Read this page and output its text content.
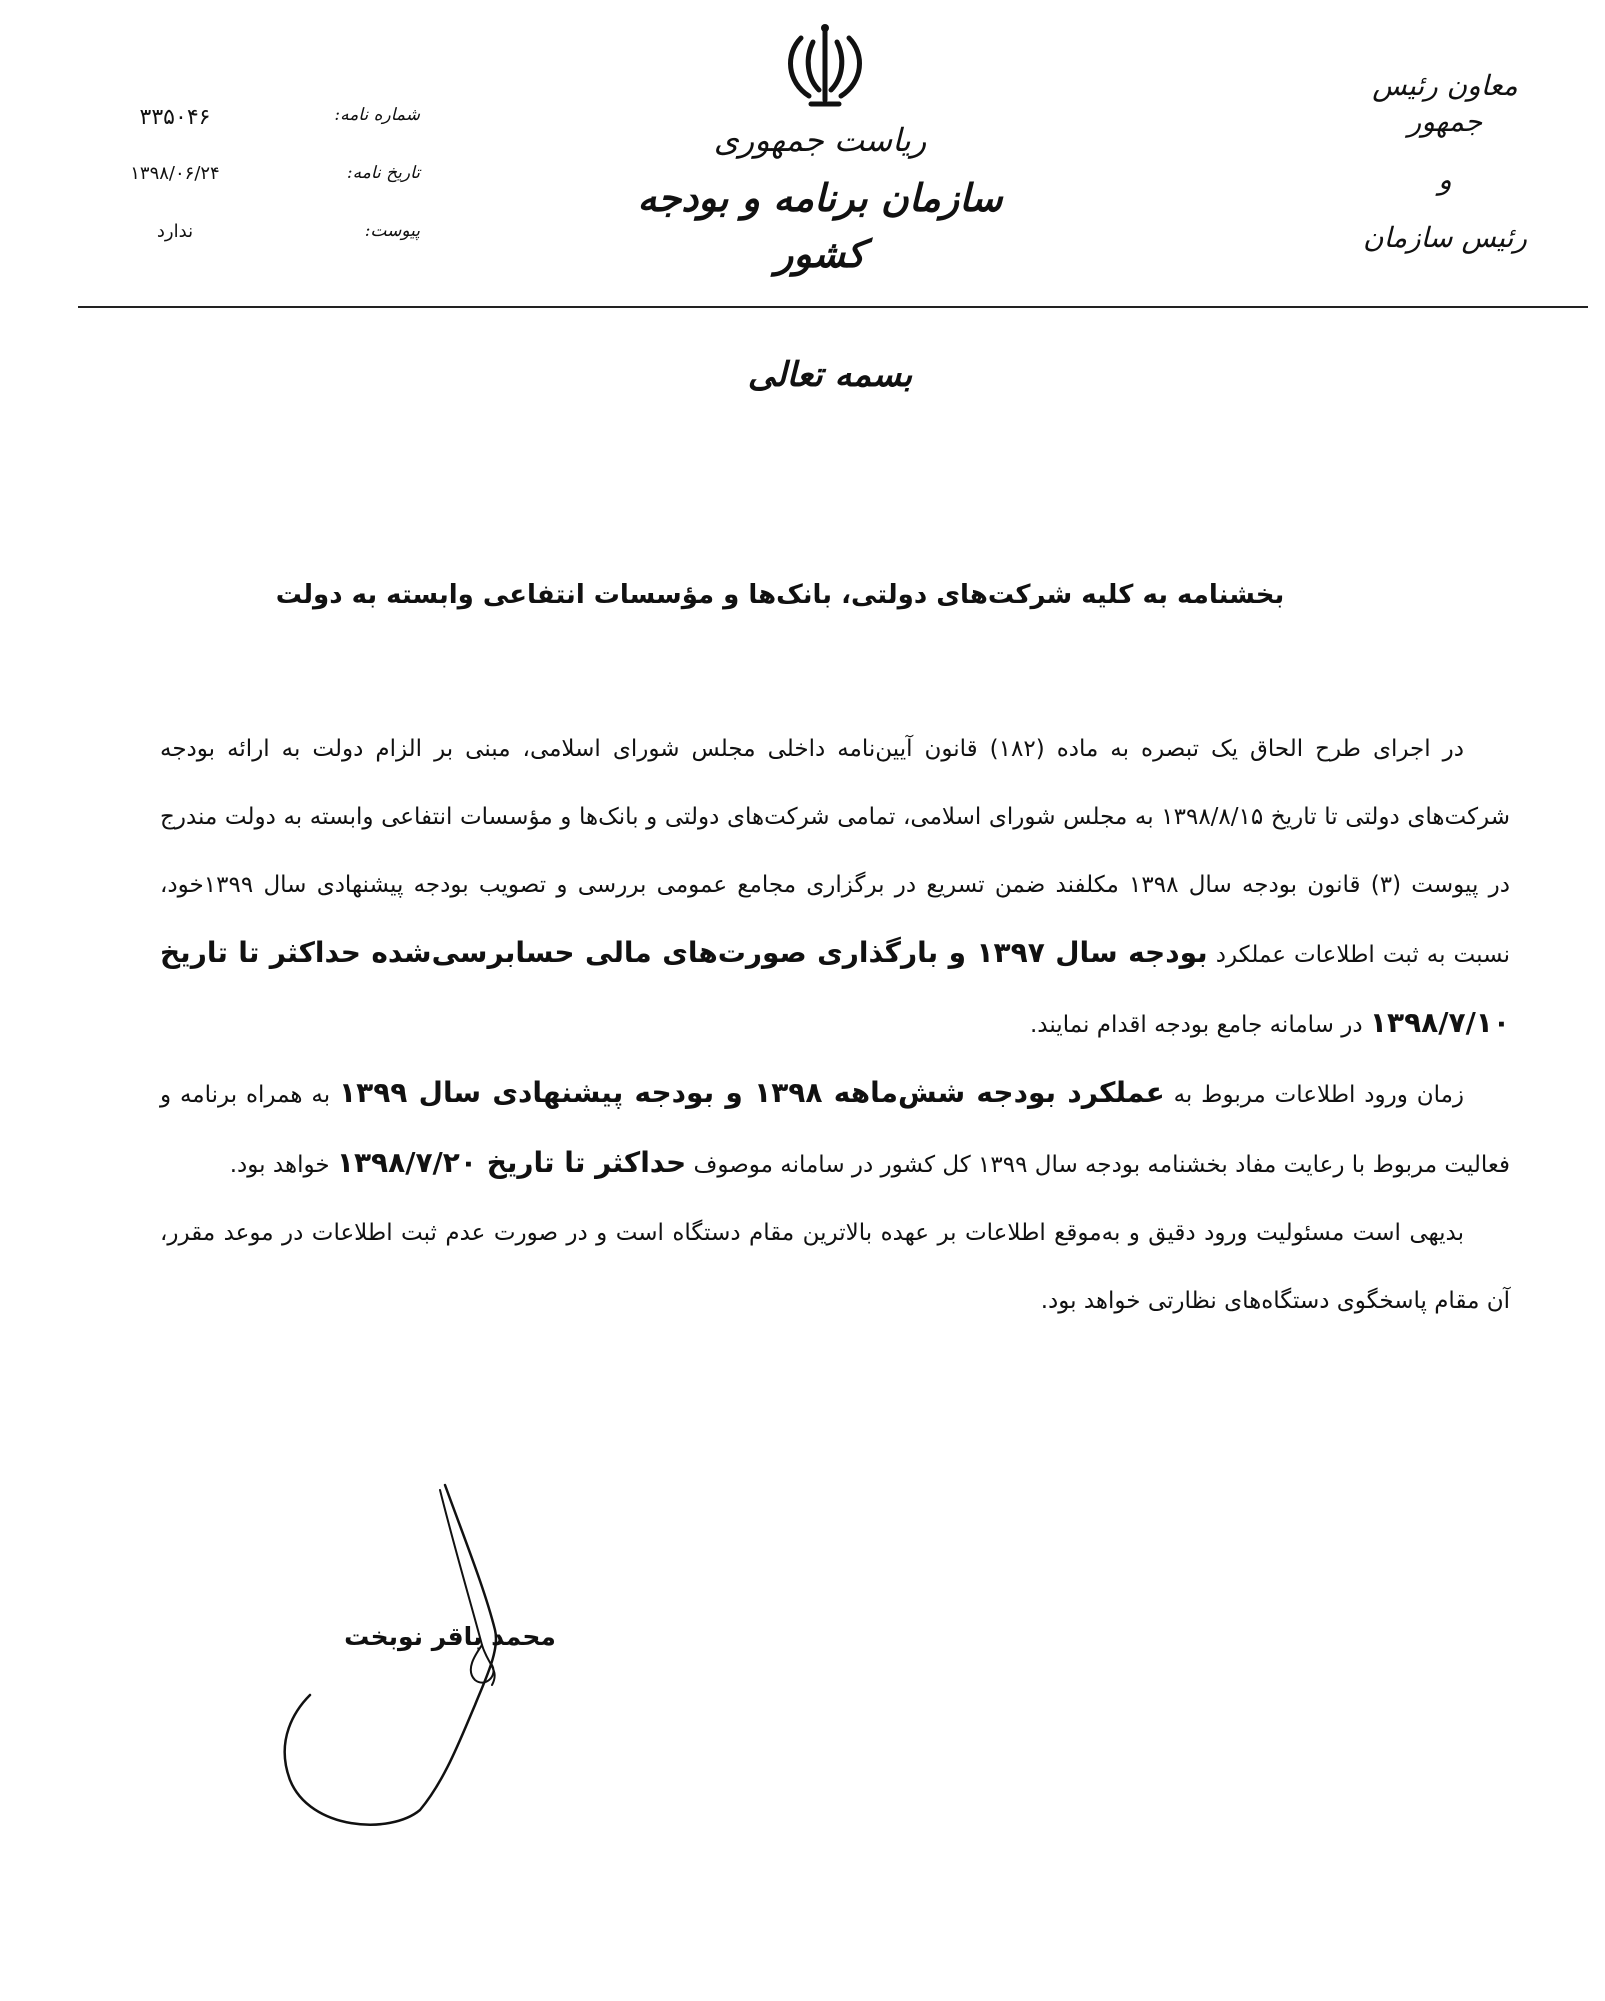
ریاست جمهوری
سازمان برنامه و بودجه کشور
معاون رئیس جمهور
و
رئیس سازمان
شماره نامه:
۳۳۵۰۴۶
تاریخ نامه:
۱۳۹۸/۰۶/۲۴
پیوست:
ندارد
بسمه تعالی
بخشنامه به کلیه شرکت‌های دولتی، بانک‌ها و مؤسسات انتفاعی وابسته به دولت

در اجرای طرح الحاق یک تبصره به ماده (۱۸۲) قانون آیین‌نامه داخلی مجلس شورای اسلامی، مبنی بر الزام دولت به ارائه بودجه شرکت‌های دولتی تا تاریخ ۱۳۹۸/۸/۱۵ به مجلس شورای اسلامی، تمامی شرکت‌های دولتی و بانک‌ها و مؤسسات انتفاعی وابسته به دولت مندرج در پیوست (۳) قانون بودجه سال ۱۳۹۸ مکلفند ضمن تسریع در برگزاری مجامع عمومی بررسی و تصویب بودجه پیشنهادی سال ۱۳۹۹خود، نسبت به ثبت اطلاعات عملکرد بودجه سال ۱۳۹۷ و بارگذاری صورت‌های مالی حسابرسی‌شده حداکثر تا تاریخ ۱۳۹۸/۷/۱۰ در سامانه جامع بودجه اقدام نمایند.

زمان ورود اطلاعات مربوط به عملکرد بودجه شش‌ماهه ۱۳۹۸ و بودجه پیشنهادی سال ۱۳۹۹ به همراه برنامه و فعالیت مربوط با رعایت مفاد بخشنامه بودجه سال ۱۳۹۹ کل کشور در سامانه موصوف حداکثر تا تاریخ ۱۳۹۸/۷/۲۰ خواهد بود.

بدیهی است مسئولیت ورود دقیق و به‌موقع اطلاعات بر عهده بالاترین مقام دستگاه است و در صورت عدم ثبت اطلاعات در موعد مقرر، آن مقام پاسخگوی دستگاه‌های نظارتی خواهد بود.

محمد باقر نوبخت
